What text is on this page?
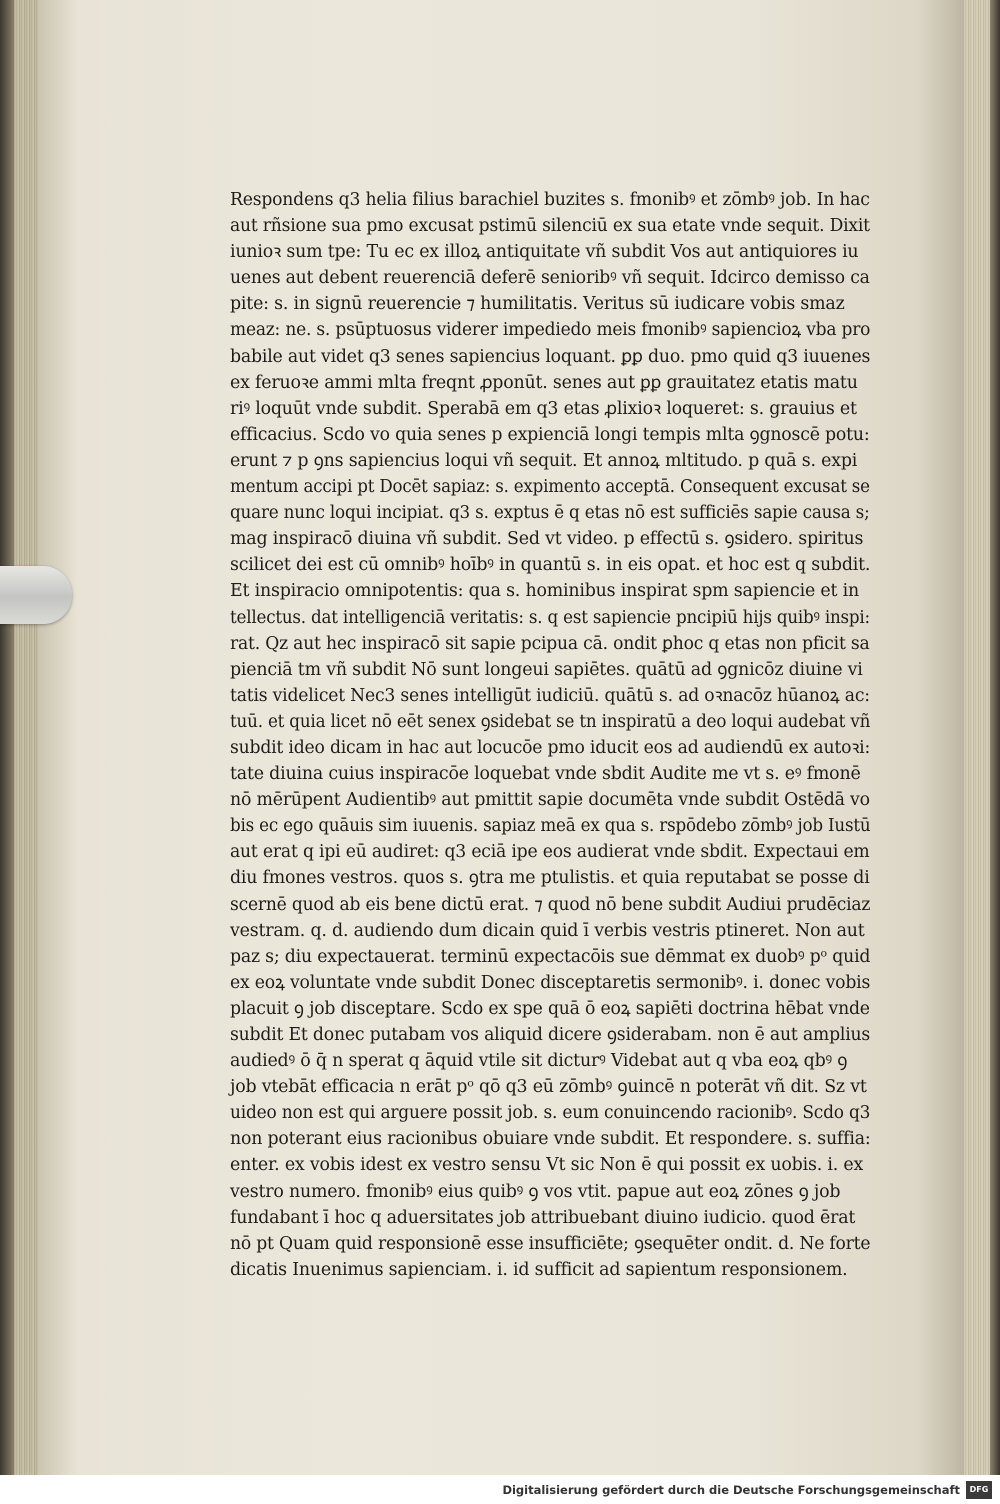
Respondens q3 helia filius barachiel buzites s. fmonibꝰ et zōmbꝰ job. In hac
aut rñsione sua pmo excusat pstimū silenciū ex sua etate vnde sequit. Dixit
iunioꝛ sum tpe: Tu ec ex illoꝝ antiquitate vñ subdit Vos aut antiquiores iu
uenes aut debent reuerenciā deferē senioribꝰ vñ sequit. Idcirco demisso ca
pite: s. in signū reuerencie ⁊ humilitatis. Veritus sū iudicare vobis smaz
meaz: ne. s. psūptuosus viderer impediedo meis fmonibꝰ sapiencioꝝ vba pro
babile aut videt q3 senes sapiencius loquant. ꝑꝑ duo. pmo quid q3 iuuenes
ex feruoꝛe ammi mlta freqnt ꝓponūt. senes aut ꝑꝑ grauitatez etatis matu
riꝰ loquūt vnde subdit. Sperabā em q3 etas ꝓlixioꝛ loqueret: s. grauius et
efficacius. Scdo vo quia senes p expienciā longi tempis mlta ꝯgnoscē potu:
erunt ⁊ p ꝯns sapiencius loqui vñ sequit. Et annoꝝ mltitudo. p quā s. expi
mentum accipi pt Docēt sapiaz: s. expimento acceptā. Consequent excusat se
quare nunc loqui incipiat. q3 s. exptus ē q etas nō est sufficiēs sapie causa s;
mag inspiracō diuina vñ subdit. Sed vt video. p effectū s. ꝯsidero. spiritus
scilicet dei est cū omnibꝰ hoībꝰ in quantū s. in eis opat. et hoc est q subdit.
Et inspiracio omnipotentis: qua s. hominibus inspirat spm sapiencie et in
tellectus. dat intelligenciā veritatis: s. q est sapiencie pncipiū hijs quibꝰ inspi:
rat. Qz aut hec inspiracō sit sapie pcipua cā. ondit ꝑhoc q etas non pficit sa
pienciā tm vñ subdit Nō sunt longeui sapiētes. quātū ad ꝯgnicōz diuine vi
tatis videlicet Nec3 senes intelligūt iudiciū. quātū s. ad oꝛnacōz hūanoꝝ ac:
tuū. et quia licet nō eēt senex ꝯsidebat se tn inspiratū a deo loqui audebat vñ
subdit ideo dicam in hac aut locucōe pmo iducit eos ad audiendū ex autoꝛi:
tate diuina cuius inspiracōe loquebat vnde sbdit Audite me vt s. eꝰ fmonē
nō mērūpent Audientibꝰ aut pmittit sapie documēta vnde subdit Ostēdā vo
bis ec ego quāuis sim iuuenis. sapiaz meā ex qua s. rspōdebo zōmbꝰ job Iustū
aut erat q ipi eū audiret: q3 eciā ipe eos audierat vnde sbdit. Expectaui em
diu fmones vestros. quos s. ꝯtra me ptulistis. et quia reputabat se posse di
scernē quod ab eis bene dictū erat. ⁊ quod nō bene subdit Audiui prudēciaz
vestram. q. d. audiendo dum dicain quid ī verbis vestris ptineret. Non aut
paz s; diu expectauerat. terminū expectacōis sue dēmmat ex duobꝰ pᵒ quid
ex eoꝝ voluntate vnde subdit Donec disceptaretis sermonibꝰ. i. donec vobis
placuit ꝯ job disceptare. Scdo ex spe quā ō eoꝝ sapiēti doctrina hēbat vnde
subdit Et donec putabam vos aliquid dicere ꝯsiderabam. non ē aut amplius
audiedꝰ ō q̄ n sperat q āquid vtile sit dicturꝰ Videbat aut q vba eoꝝ qbꝰ ꝯ
job vtebāt efficacia n erāt pᵒ qō q3 eū zōmbꝰ ꝯuincē n poterāt vñ dit. Sz vt
uideo non est qui arguere possit job. s. eum conuincendo racionibꝰ. Scdo q3
non poterant eius racionibus obuiare vnde subdit. Et respondere. s. suffia:
enter. ex vobis idest ex vestro sensu Vt sic Non ē qui possit ex uobis. i. ex
vestro numero. fmonibꝰ eius quibꝰ ꝯ vos vtit. papue aut eoꝝ zōnes ꝯ job
fundabant ī hoc q aduersitates job attribuebant diuino iudicio. quod ērat
nō pt Quam quid responsionē esse insufficiēte; ꝯsequēter ondit. d. Ne forte
dicatis Inuenimus sapienciam. i. id sufficit ad sapientum responsionem.
Digitalisierung gefördert durch die Deutsche Forschungsgemeinschaft	DFG
